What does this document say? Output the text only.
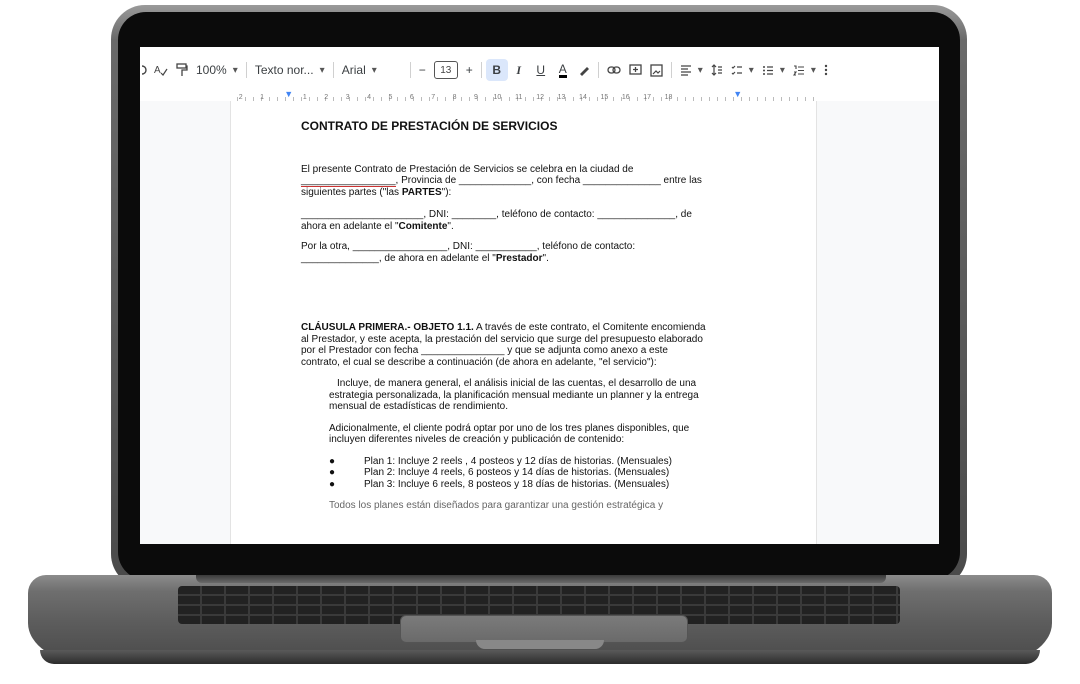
A	100% ▾	Texto nor... ▾	Arial ▾	−	13	+	B	I	U	A
▾
▾
▾
▾
2	1	1	2	3	4	5	6	7	8	9	10	11	12	13	14	15	16	17	18
▼	▼

CONTRATO DE PRESTACIÓN DE SERVICIOS

El presente Contrato de Prestación de Servicios se celebra en la ciudad de
_________________, Provincia de _____________, con fecha ______________ entre las
siguientes partes ("las PARTES"):

______________________, DNI: ________, teléfono de contacto: ______________, de
ahora en adelante el "Comitente".

Por la otra, _________________, DNI: ___________, teléfono de contacto:
______________, de ahora en adelante el "Prestador".

CLÁUSULA PRIMERA.- OBJETO 1.1. A través de este contrato, el Comitente encomienda
al Prestador, y este acepta, la prestación del servicio que surge del presupuesto elaborado
por el Prestador con fecha _______________ y que se adjunta como anexo a este
contrato, el cual se describe a continuación (de ahora en adelante, "el servicio"):

Incluye, de manera general, el análisis inicial de las cuentas, el desarrollo de una

estrategia personalizada, la planificación mensual mediante un planner y la entrega
mensual de estadísticas de rendimiento.

Adicionalmente, el cliente podrá optar por uno de los tres planes disponibles, que
incluyen diferentes niveles de creación y publicación de contenido:

●	Plan 1: Incluye 2 reels , 4 posteos y 12 días de historias. (Mensuales)
●	Plan 2: Incluye 4 reels, 6 posteos y 14 días de historias. (Mensuales)
●	Plan 3: Incluye 6 reels, 8 posteos y 18 días de historias. (Mensuales)

Todos los planes están diseñados para garantizar una gestión estratégica y
